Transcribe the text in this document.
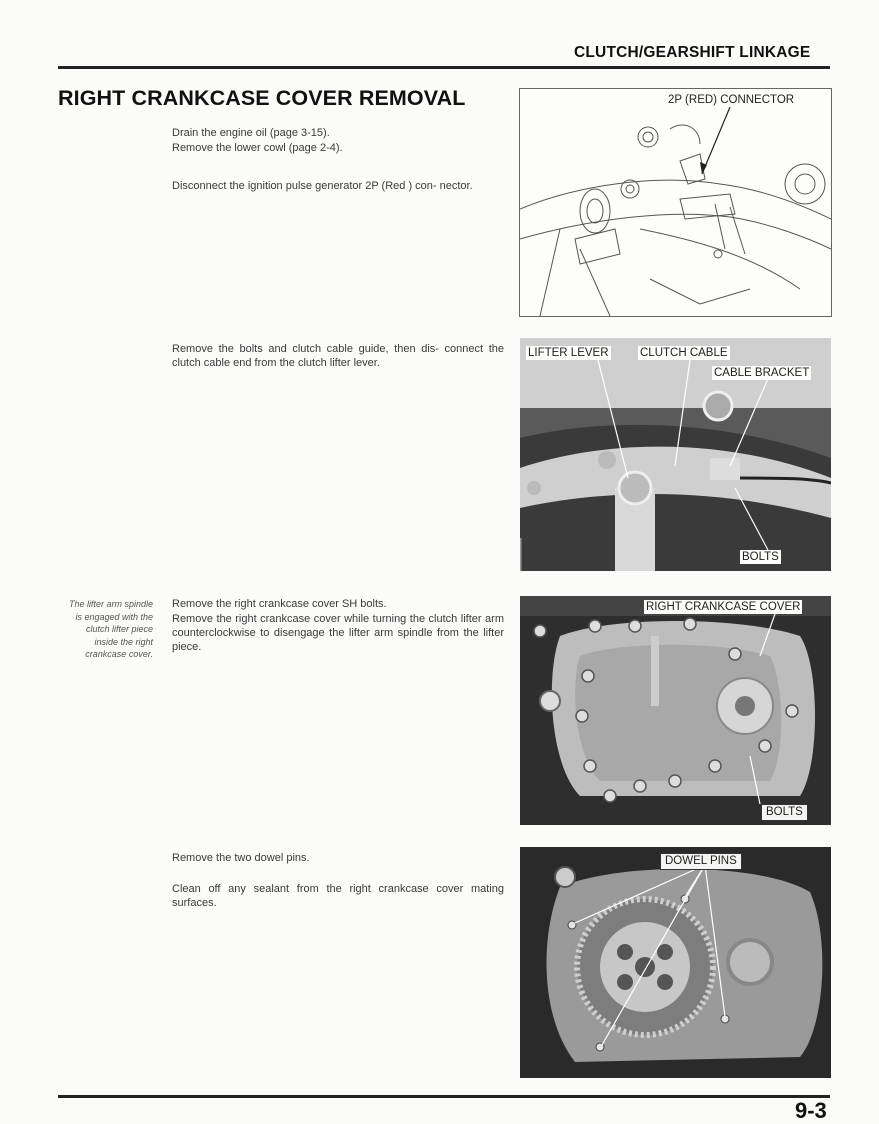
CLUTCH/GEARSHIFT LINKAGE
RIGHT CRANKCASE COVER REMOVAL
Drain the engine oil (page 3-15).
Remove the lower cowl (page 2-4).
Disconnect the ignition pulse generator 2P (Red ) con- nector.
Remove the bolts and clutch cable guide, then dis- connect the clutch cable end from the clutch lifter lever.
The lifter arm spindle is engaged with the clutch lifter piece inside the right crankcase cover.
Remove the right crankcase cover SH bolts.
Remove the right crankcase cover while turning the clutch lifter arm counterclockwise to disengage the lifter arm spindle from the lifter piece.
Remove the two dowel pins.
Clean off any sealant from the right crankcase cover mating surfaces.
2P (RED) CONNECTOR
LIFTER LEVER	CLUTCH CABLE
CABLE BRACKET
BOLTS
RIGHT CRANKCASE COVER
BOLTS
DOWEL PINS
9-3
